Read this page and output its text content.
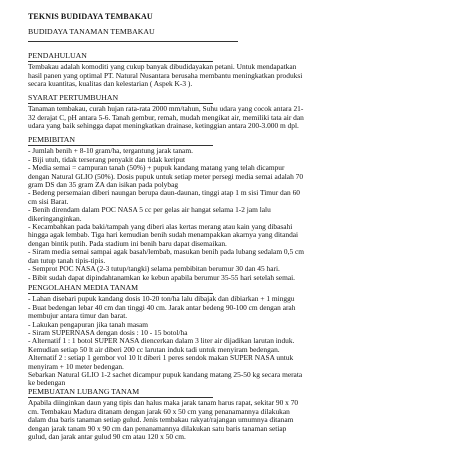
TEKNIS BUDIDAYA TEMBAKAU
BUDIDAYA TANAMAN TEMBAKAU
PENDAHULUAN
Tembakau adalah komoditi yang cukup banyak dibudidayakan petani. Untuk mendapatkan
hasil panen yang optimal PT. Natural Nusantara berusaha membantu meningkatkan produksi
secara kuantitas, kualitas dan kelestarian ( Aspek K-3 ).
SYARAT PERTUMBUHAN
Tanaman tembakau, curah hujan rata-rata 2000 mm/tahun, Suhu udara yang cocok antara 21-
32 derajat C, pH antara 5-6. Tanah gembur, remah, mudah mengikat air, memiliki tata air dan
udara yang baik sehingga dapat meningkatkan drainase, ketinggian antara 200-3.000 m dpl.
PEMBIBITAN
- Jumlah benih + 8-10 gram/ha, tergantung jarak tanam.
- Biji utuh, tidak terserang penyakit dan tidak keriput
- Media semai = campuran tanah (50%) + pupuk kandang matang yang telah dicampur
dengan Natural GLIO (50%). Dosis pupuk untuk setiap meter persegi media semai adalah 70
gram DS dan 35 gram ZA dan isikan pada polybag
- Bedeng persemaian diberi naungan berupa daun-daunan, tinggi atap 1 m sisi Timur dan 60
cm sisi Barat.
- Benih direndam dalam POC NASA 5 cc per gelas air hangat selama 1-2 jam lalu
dikeringanginkan.
- Kecambahkan pada baki/tampah yang diberi alas kertas merang atau kain yang dibasahi
hingga agak lembab. Tiga hari kemudian benih sudah menampakkan akarnya yang ditandai
dengan bintik putih. Pada stadium ini benih baru dapat disemaikan.
- Siram media semai sampai agak basah/lembab, masukan benih pada lubang sedalam 0,5 cm
dan tutup tanah tipis-tipis.
- Semprot POC NASA (2-3 tutup/tangki) selama pembibitan berumur 30 dan 45 hari.
- Bibit sudah dapat dipindahtanamkan ke kebun apabila berumur 35-55 hari setelah semai.
PENGOLAHAN MEDIA TANAM
- Lahan disebari pupuk kandang dosis 10-20 ton/ha lalu dibajak dan dibiarkan + 1 minggu
- Buat bedengan lebar 40 cm dan tinggi 40 cm. Jarak antar bedeng 90-100 cm dengan arah
membujur antara timur dan barat.
- Lakukan pengapuran jika tanah masam
- Siram SUPERNASA dengan dosis : 10 - 15 botol/ha
- Alternatif 1 : 1 botol SUPER NASA diencerkan dalam 3 liter air dijadikan larutan induk.
Kemudian setiap 50 lt air diberi 200 cc larutan induk tadi untuk menyiram bedengan.
Alternatif 2 : setiap 1 gembor vol 10 lt diberi 1 peres sendok makan SUPER NASA untuk
menyiram + 10 meter bedengan.
Sebarkan Natural GLIO 1-2 sachet dicampur pupuk kandang matang 25-50 kg secara merata
ke bedengan
PEMBUATAN LUBANG TANAM
Apabila diinginkan daun yang tipis dan halus maka jarak tanam harus rapat, sekitar 90 x 70
cm. Tembakau Madura ditanam dengan jarak 60 x 50 cm yang penanamannya dilakukan
dalam dua baris tanaman setiap gulud. Jenis tembakau rakyat/rajangan umumnya ditanam
dengan jarak tanam 90 x 90 cm dan penanamannya dilakukan satu baris tanaman setiap
gulud, dan jarak antar gulud 90 cm atau 120 x 50 cm.
